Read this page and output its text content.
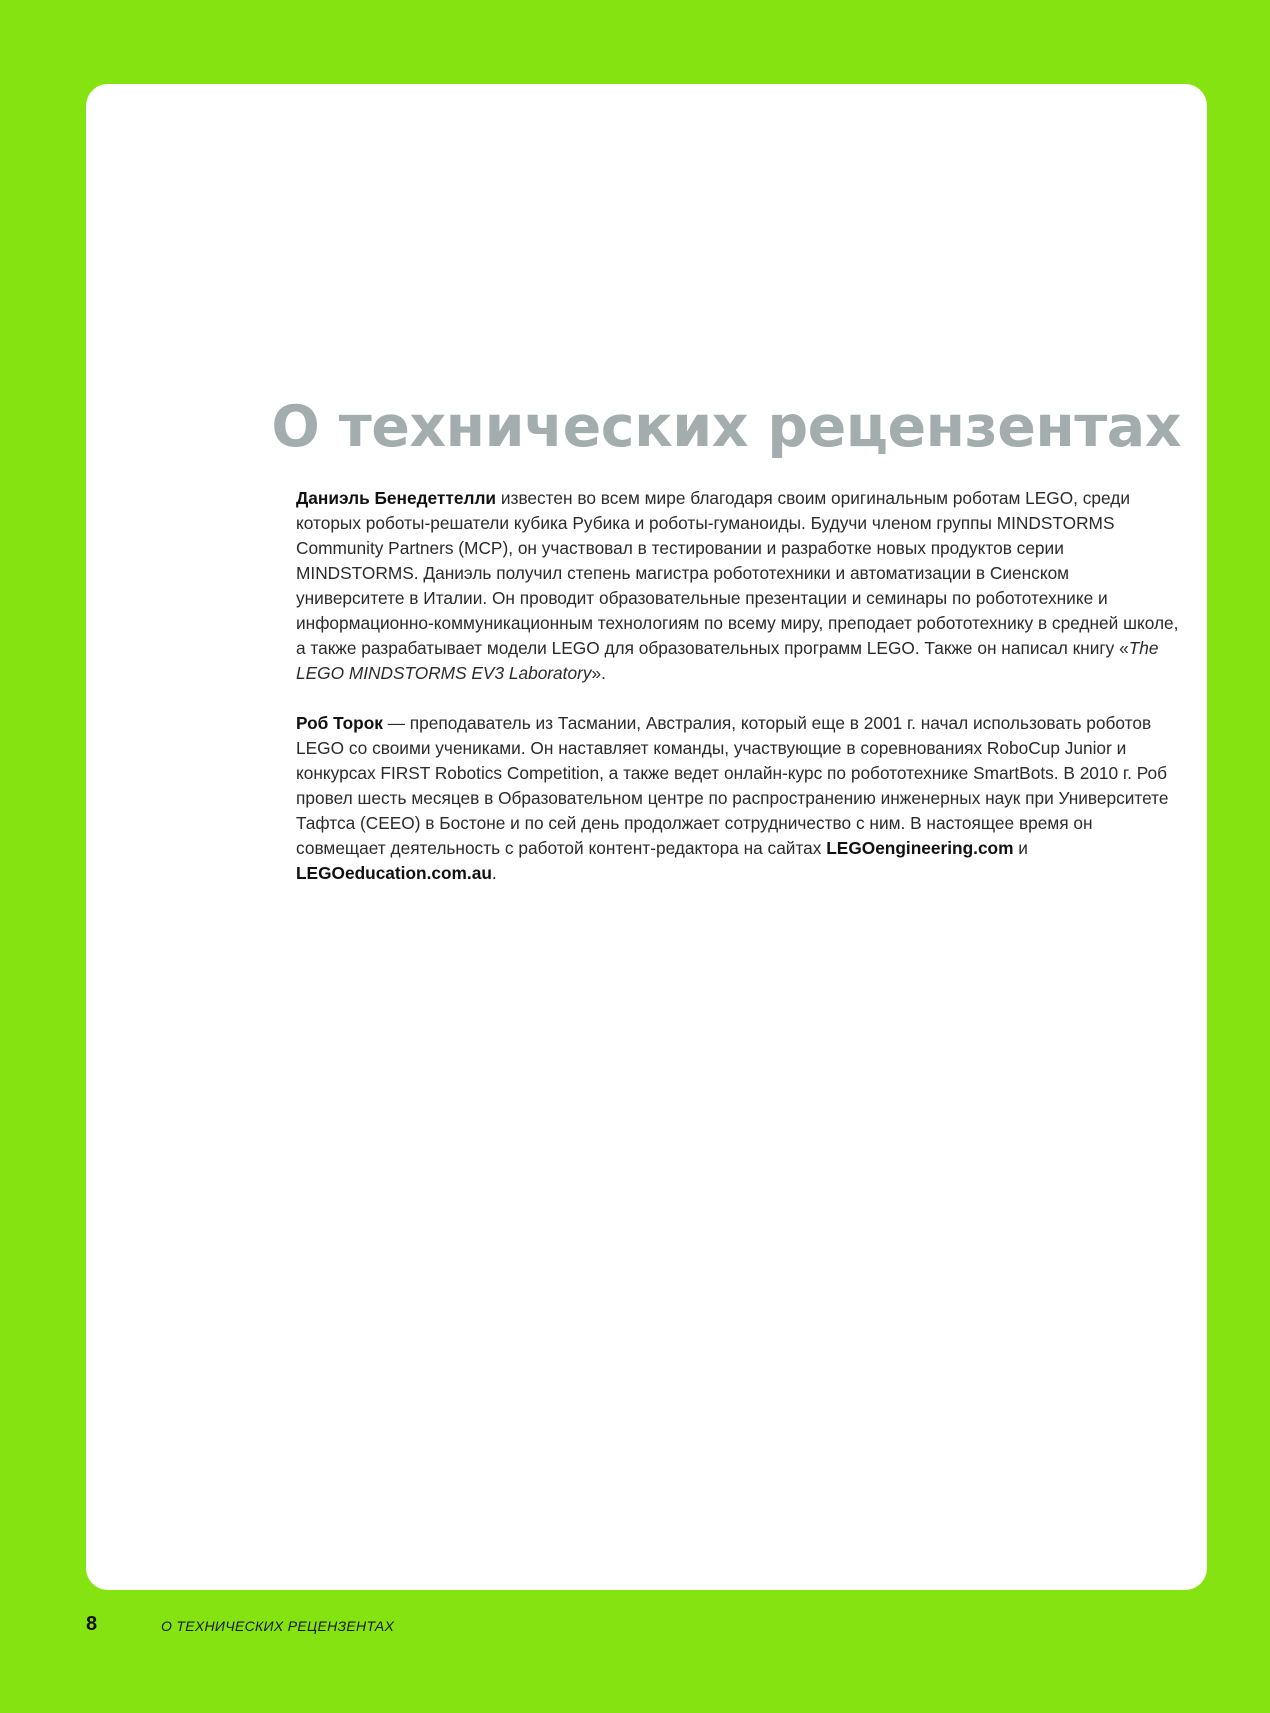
О технических рецензентах

Даниэль Бенедеттелли известен во всем мире благодаря своим оригинальным роботам LEGO, среди которых роботы-решатели кубика Рубика и роботы-гуманоиды. Будучи членом группы MINDSTORMS Community Partners (MCP), он участвовал в тестировании и разработке новых продуктов серии MINDSTORMS. Даниэль получил степень магистра робототехники и автоматизации в Сиенском университете в Италии. Он проводит образовательные презентации и семинары по робототехнике и информационно-коммуникационным технологиям по всему миру, преподает робототехнику в средней школе, а также разрабатывает модели LEGO для образовательных программ LEGO. Также он написал книгу «The LEGO MINDSTORMS EV3 Laboratory».

Роб Торок — преподаватель из Тасмании, Австралия, который еще в 2001 г. начал использовать роботов LEGO со своими учениками. Он наставляет команды, участвующие в соревнованиях RoboCup Junior и конкурсах FIRST Robotics Competition, а также ведет онлайн-курс по робототехнике SmartBots. В 2010 г. Роб провел шесть месяцев в Образовательном центре по распространению инженерных наук при Университете Тафтса (CEEO) в Бостоне и по сей день продолжает сотрудничество с ним. В настоящее время он совмещает деятельность с работой контент-редактора на сайтах LEGOengineering.com и LEGOeducation.com.au.

8	О ТЕХНИЧЕСКИХ РЕЦЕНЗЕНТАХ
